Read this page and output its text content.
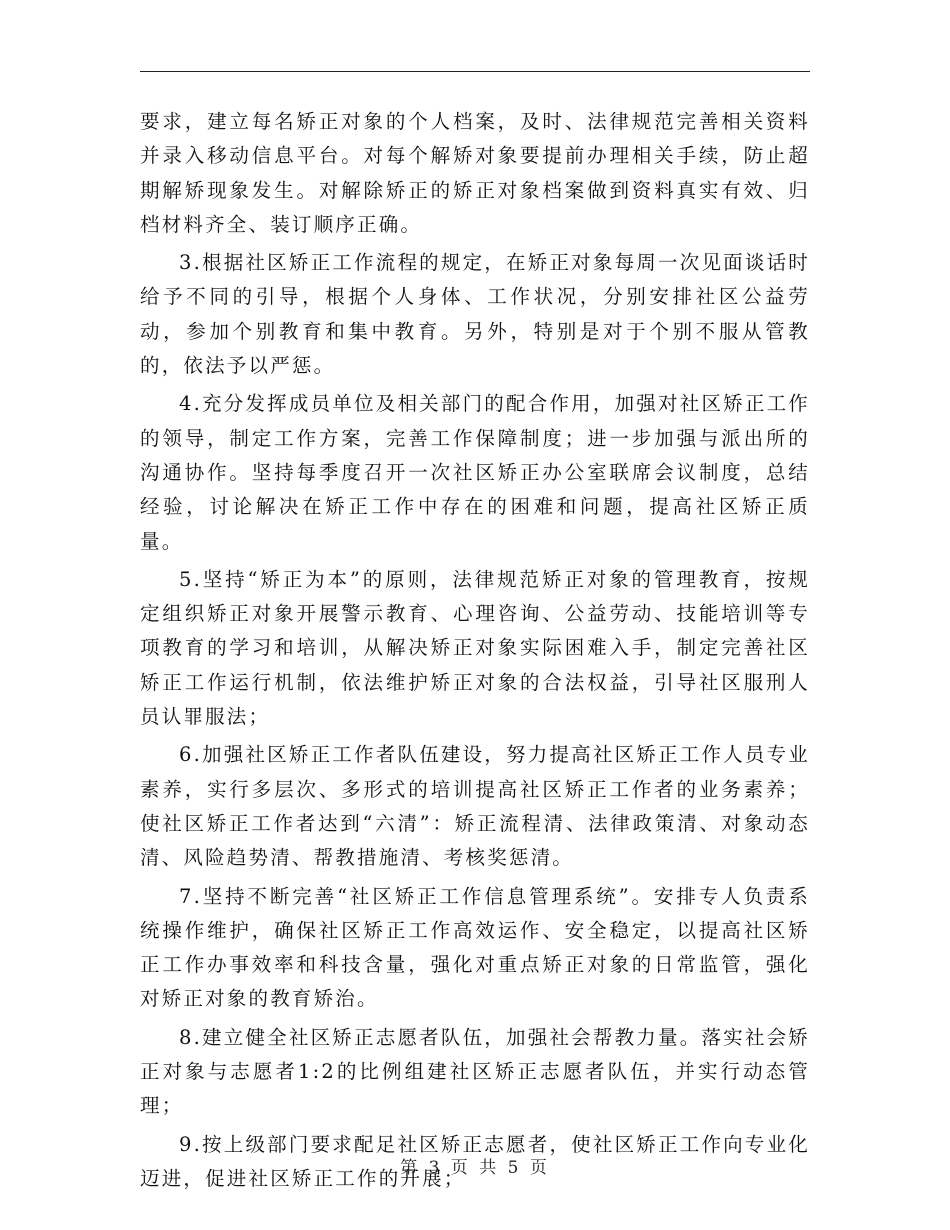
要求，建立每名矫正对象的个人档案，及时、法律规范完善相关资料并录入移动信息平台。对每个解矫对象要提前办理相关手续，防止超期解矫现象发生。对解除矫正的矫正对象档案做到资料真实有效、归档材料齐全、装订顺序正确。

3.根据社区矫正工作流程的规定，在矫正对象每周一次见面谈话时给予不同的引导，根据个人身体、工作状况，分别安排社区公益劳动，参加个别教育和集中教育。另外，特别是对于个别不服从管教的，依法予以严惩。

4.充分发挥成员单位及相关部门的配合作用，加强对社区矫正工作的领导，制定工作方案，完善工作保障制度；进一步加强与派出所的沟通协作。坚持每季度召开一次社区矫正办公室联席会议制度，总结经验，讨论解决在矫正工作中存在的困难和问题，提高社区矫正质量。

5.坚持“矫正为本”的原则，法律规范矫正对象的管理教育，按规定组织矫正对象开展警示教育、心理咨询、公益劳动、技能培训等专项教育的学习和培训，从解决矫正对象实际困难入手，制定完善社区矫正工作运行机制，依法维护矫正对象的合法权益，引导社区服刑人员认罪服法；

6.加强社区矫正工作者队伍建设，努力提高社区矫正工作人员专业素养，实行多层次、多形式的培训提高社区矫正工作者的业务素养；使社区矫正工作者达到“六清”：矫正流程清、法律政策清、对象动态清、风险趋势清、帮教措施清、考核奖惩清。

7.坚持不断完善“社区矫正工作信息管理系统”。安排专人负责系统操作维护，确保社区矫正工作高效运作、安全稳定，以提高社区矫正工作办事效率和科技含量，强化对重点矫正对象的日常监管，强化对矫正对象的教育矫治。

8.建立健全社区矫正志愿者队伍，加强社会帮教力量。落实社会矫正对象与志愿者1:2的比例组建社区矫正志愿者队伍，并实行动态管理；

9.按上级部门要求配足社区矫正志愿者，使社区矫正工作向专业化迈进，促进社区矫正工作的开展；

第 3 页 共 5 页
